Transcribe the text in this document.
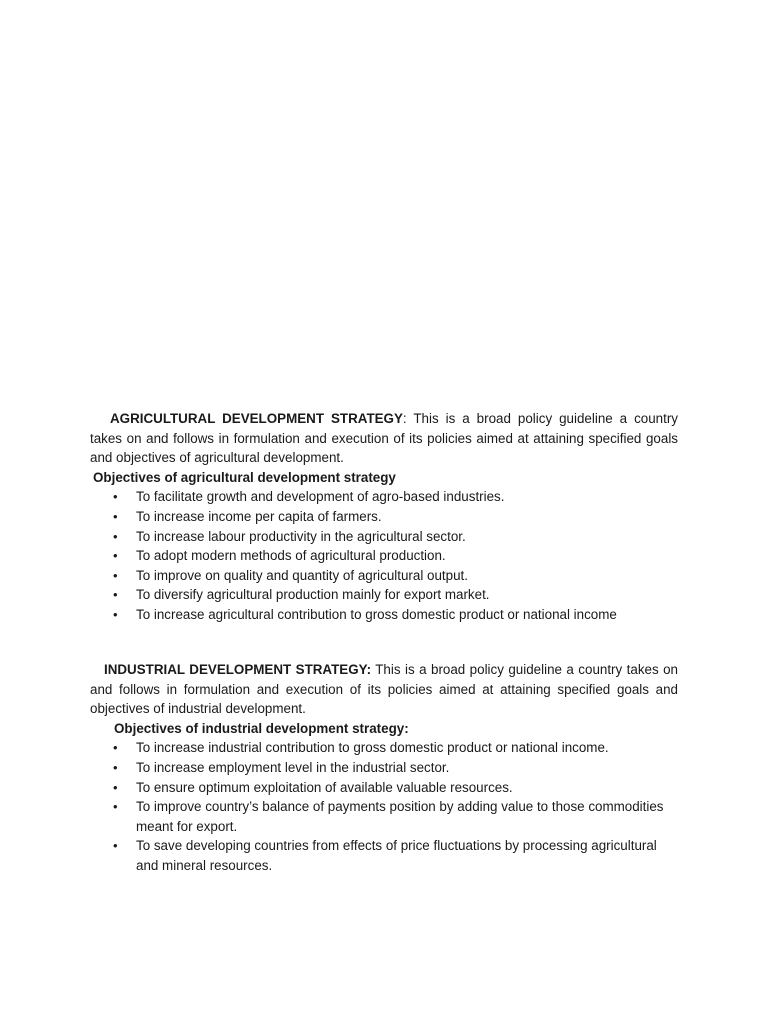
AGRICULTURAL DEVELOPMENT STRATEGY: This is a broad policy guideline a country takes on and follows in formulation and execution of its policies aimed at attaining specified goals and objectives of agricultural development.

Objectives of agricultural development strategy

• To facilitate growth and development of agro-based industries.
• To increase income per capita of farmers.
• To increase labour productivity in the agricultural sector.
• To adopt modern methods of agricultural production.
• To improve on quality and quantity of agricultural output.
• To diversify agricultural production mainly for export market.
• To increase agricultural contribution to gross domestic product or national income

INDUSTRIAL DEVELOPMENT STRATEGY: This is a broad policy guideline a country takes on and follows in formulation and execution of its policies aimed at attaining specified goals and objectives of industrial development.

Objectives of industrial development strategy:

• To increase industrial contribution to gross domestic product or national income.
• To increase employment level in the industrial sector.
• To ensure optimum exploitation of available valuable resources.
• To improve country’s balance of payments position by adding value to those commodities meant for export.
• To save developing countries from effects of price fluctuations by processing agricultural and mineral resources.
